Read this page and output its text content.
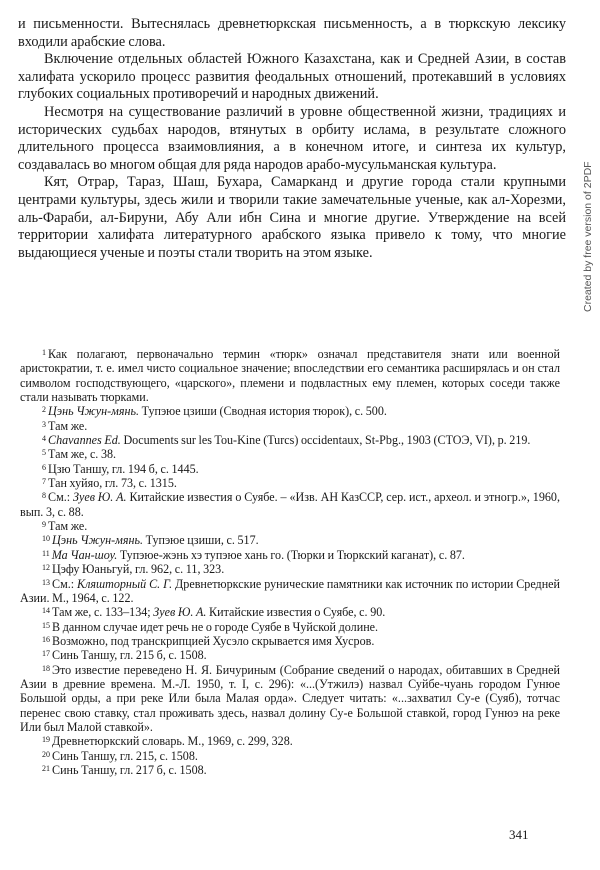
и письменности. Вытеснялась древнетюркская письменность, а в тюркскую лексику входили арабские слова.

Включение отдельных областей Южного Казахстана, как и Средней Азии, в состав халифата ускорило процесс развития феодальных отношений, протекавший в условиях глубоких социальных противоречий и народных движений.

Несмотря на существование различий в уровне общественной жизни, традициях и исторических судьбах народов, втянутых в орбиту ислама, в результате сложного длительного процесса взаимовлияния, а в конечном итоге, и синтеза их культур, создавалась во многом общая для ряда народов арабо-мусульманская культура.

Кят, Отрар, Тараз, Шаш, Бухара, Самарканд и другие города стали крупными центрами культуры, здесь жили и творили такие замечательные ученые, как ал-Хорезми, аль-Фараби, ал-Бируни, Абу Али ибн Сина и многие другие. Утверждение на всей территории халифата литературного арабского языка привело к тому, что многие выдающиеся ученые и поэты стали творить на этом языке.	Created by free version of 2PDF
$^1$ Как полагают, первоначально термин «тюрк» означал представителя знати или военной аристократии, т. е. имел чисто социальное значение; впоследствии его семантика расширялась и он стал символом господствующего, «царского», племени и подвластных ему племен, которых соседи также стали называть тюрками.
$^2$ Цэнь Чжун-мянь. Тупэюе цзиши (Сводная история тюрок), с. 500.
$^3$ Там же.
$^4$ Chavannes Ed. Documents sur les Tou-Kine (Turcs) occidentaux, St-Pbg., 1903 (СТОЭ, VI), р. 219.
$^5$ Там же, с. 38.
$^6$ Цзю Таншу, гл. 194 б, с. 1445.
$^7$ Тан хуйяо, гл. 73, с. 1315.
$^8$ См.: Зуев Ю. А. Китайские известия о Суябе. – «Изв. АН КазССР, сер. ист., археол. и этногр.», 1960, вып. 3, с. 88.
$^9$ Там же.
$^{10}$ Цэнь Чжун-мянь. Тупэюе цзиши, с. 517.
$^{11}$ Ма Чан-шоу. Тупэюе-жэнь хэ тупэюе хань го. (Тюрки и Тюркский каганат), с. 87.
$^{12}$ Цэфу Юаньгуй, гл. 962, с. 11, 323.
$^{13}$ См.: Кляшторный С. Г. Древнетюркские рунические памятники как источник по истории Средней Азии. М., 1964, с. 122.
$^{14}$ Там же, с. 133–134; Зуев Ю. А. Китайские известия о Суябе, с. 90.
$^{15}$ В данном случае идет речь не о городе Суябе в Чуйской долине.
$^{16}$ Возможно, под транскрипцией Хусэло скрывается имя Хусров.
$^{17}$ Синь Таншу, гл. 215 б, с. 1508.
$^{18}$ Это известие переведено Н. Я. Бичуриным (Собрание сведений о народах, обитавших в Средней Азии в древние времена. М.-Л. 1950, т. I, с. 296): «...(Утжилэ) назвал Суйбе-чуань городом Гунюе Большой орды, а при реке Или была Малая орда». Следует читать: «...захватил Су-е (Суяб), тотчас перенес свою ставку, стал проживать здесь, назвал долину Су-е Большой ставкой, город Гунюэ на реке Или был Малой ставкой».
$^{19}$ Древнетюркский словарь. М., 1969, с. 299, 328.
$^{20}$ Синь Таншу, гл. 215, с. 1508.
$^{21}$ Синь Таншу, гл. 217 б, с. 1508.
341
